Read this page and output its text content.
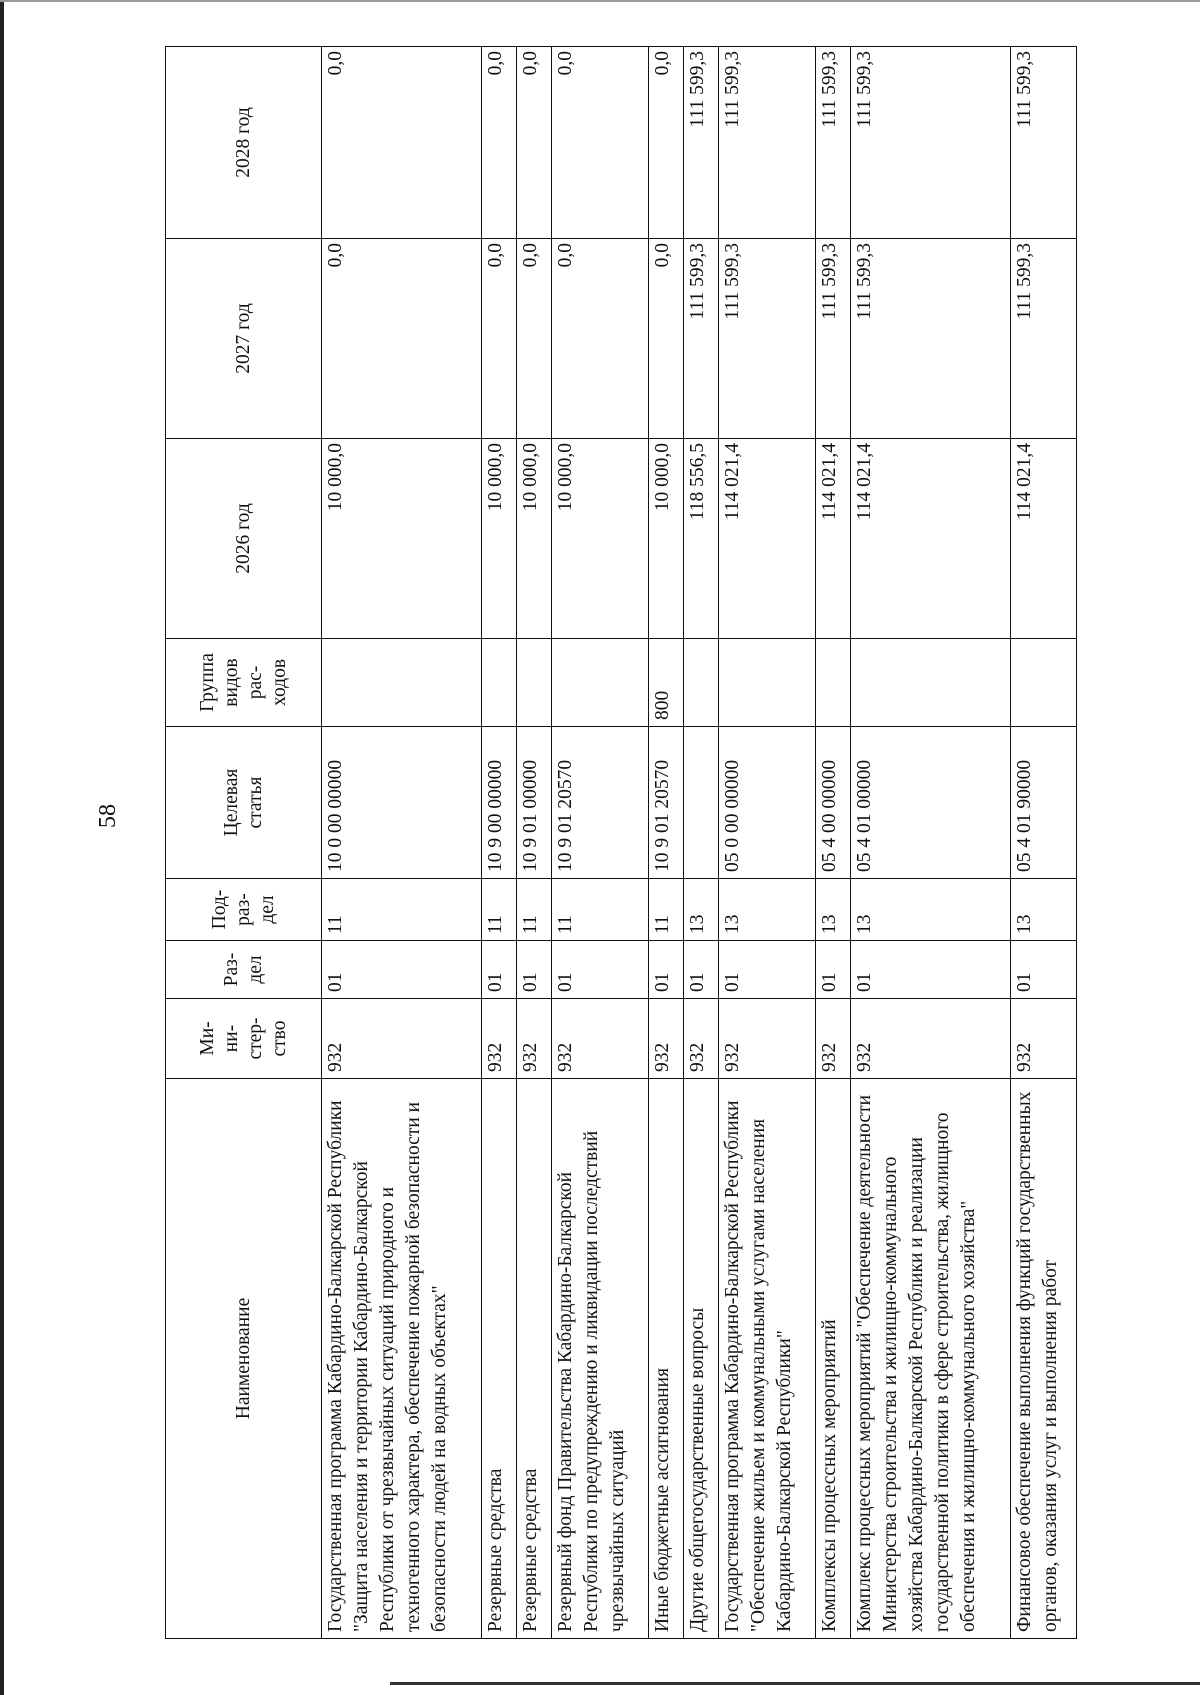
58
Наименование	Ми- ни- стер- ство	Раз- дел	Под- раз- дел	Целевая статья	Группа видов рас- ходов	2026 год	2027 год	2028 год
Государственная программа Кабардино-Балкарской Республики "Защита населения и территории Кабардино-Балкарской Республики от чрезвычайных ситуаций природного и техногенного характера, обеспечение пожарной безопасности и безопасности людей на водных объектах"	932	01	11	10 0 00 00000		10 000,0	0,0	0,0
Резервные средства	932	01	11	10 9 00 00000		10 000,0	0,0	0,0
Резервные средства	932	01	11	10 9 01 00000		10 000,0	0,0	0,0
Резервный фонд Правительства Кабардино-Балкарской Республики по предупреждению и ликвидации последствий чрезвычайных ситуаций	932	01	11	10 9 01 20570		10 000,0	0,0	0,0
Иные бюджетные ассигнования	932	01	11	10 9 01 20570	800	10 000,0	0,0	0,0
Другие общегосударственные вопросы	932	01	13			118 556,5	111 599,3	111 599,3
Государственная программа Кабардино-Балкарской Республики "Обеспечение жильем и коммунальными услугами населения Кабардино-Балкарской Республики"	932	01	13	05 0 00 00000		114 021,4	111 599,3	111 599,3
Комплексы процессных мероприятий	932	01	13	05 4 00 00000		114 021,4	111 599,3	111 599,3
Комплекс процессных мероприятий "Обеспечение деятельности Министерства строительства и жилищно-коммунального хозяйства Кабардино-Балкарской Республики и реализации государственной политики в сфере строительства, жилищного обеспечения и жилищно-коммунального хозяйства"	932	01	13	05 4 01 00000		114 021,4	111 599,3	111 599,3
Финансовое обеспечение выполнения функций государственных органов, оказания услуг и выполнения работ	932	01	13	05 4 01 90000		114 021,4	111 599,3	111 599,3
